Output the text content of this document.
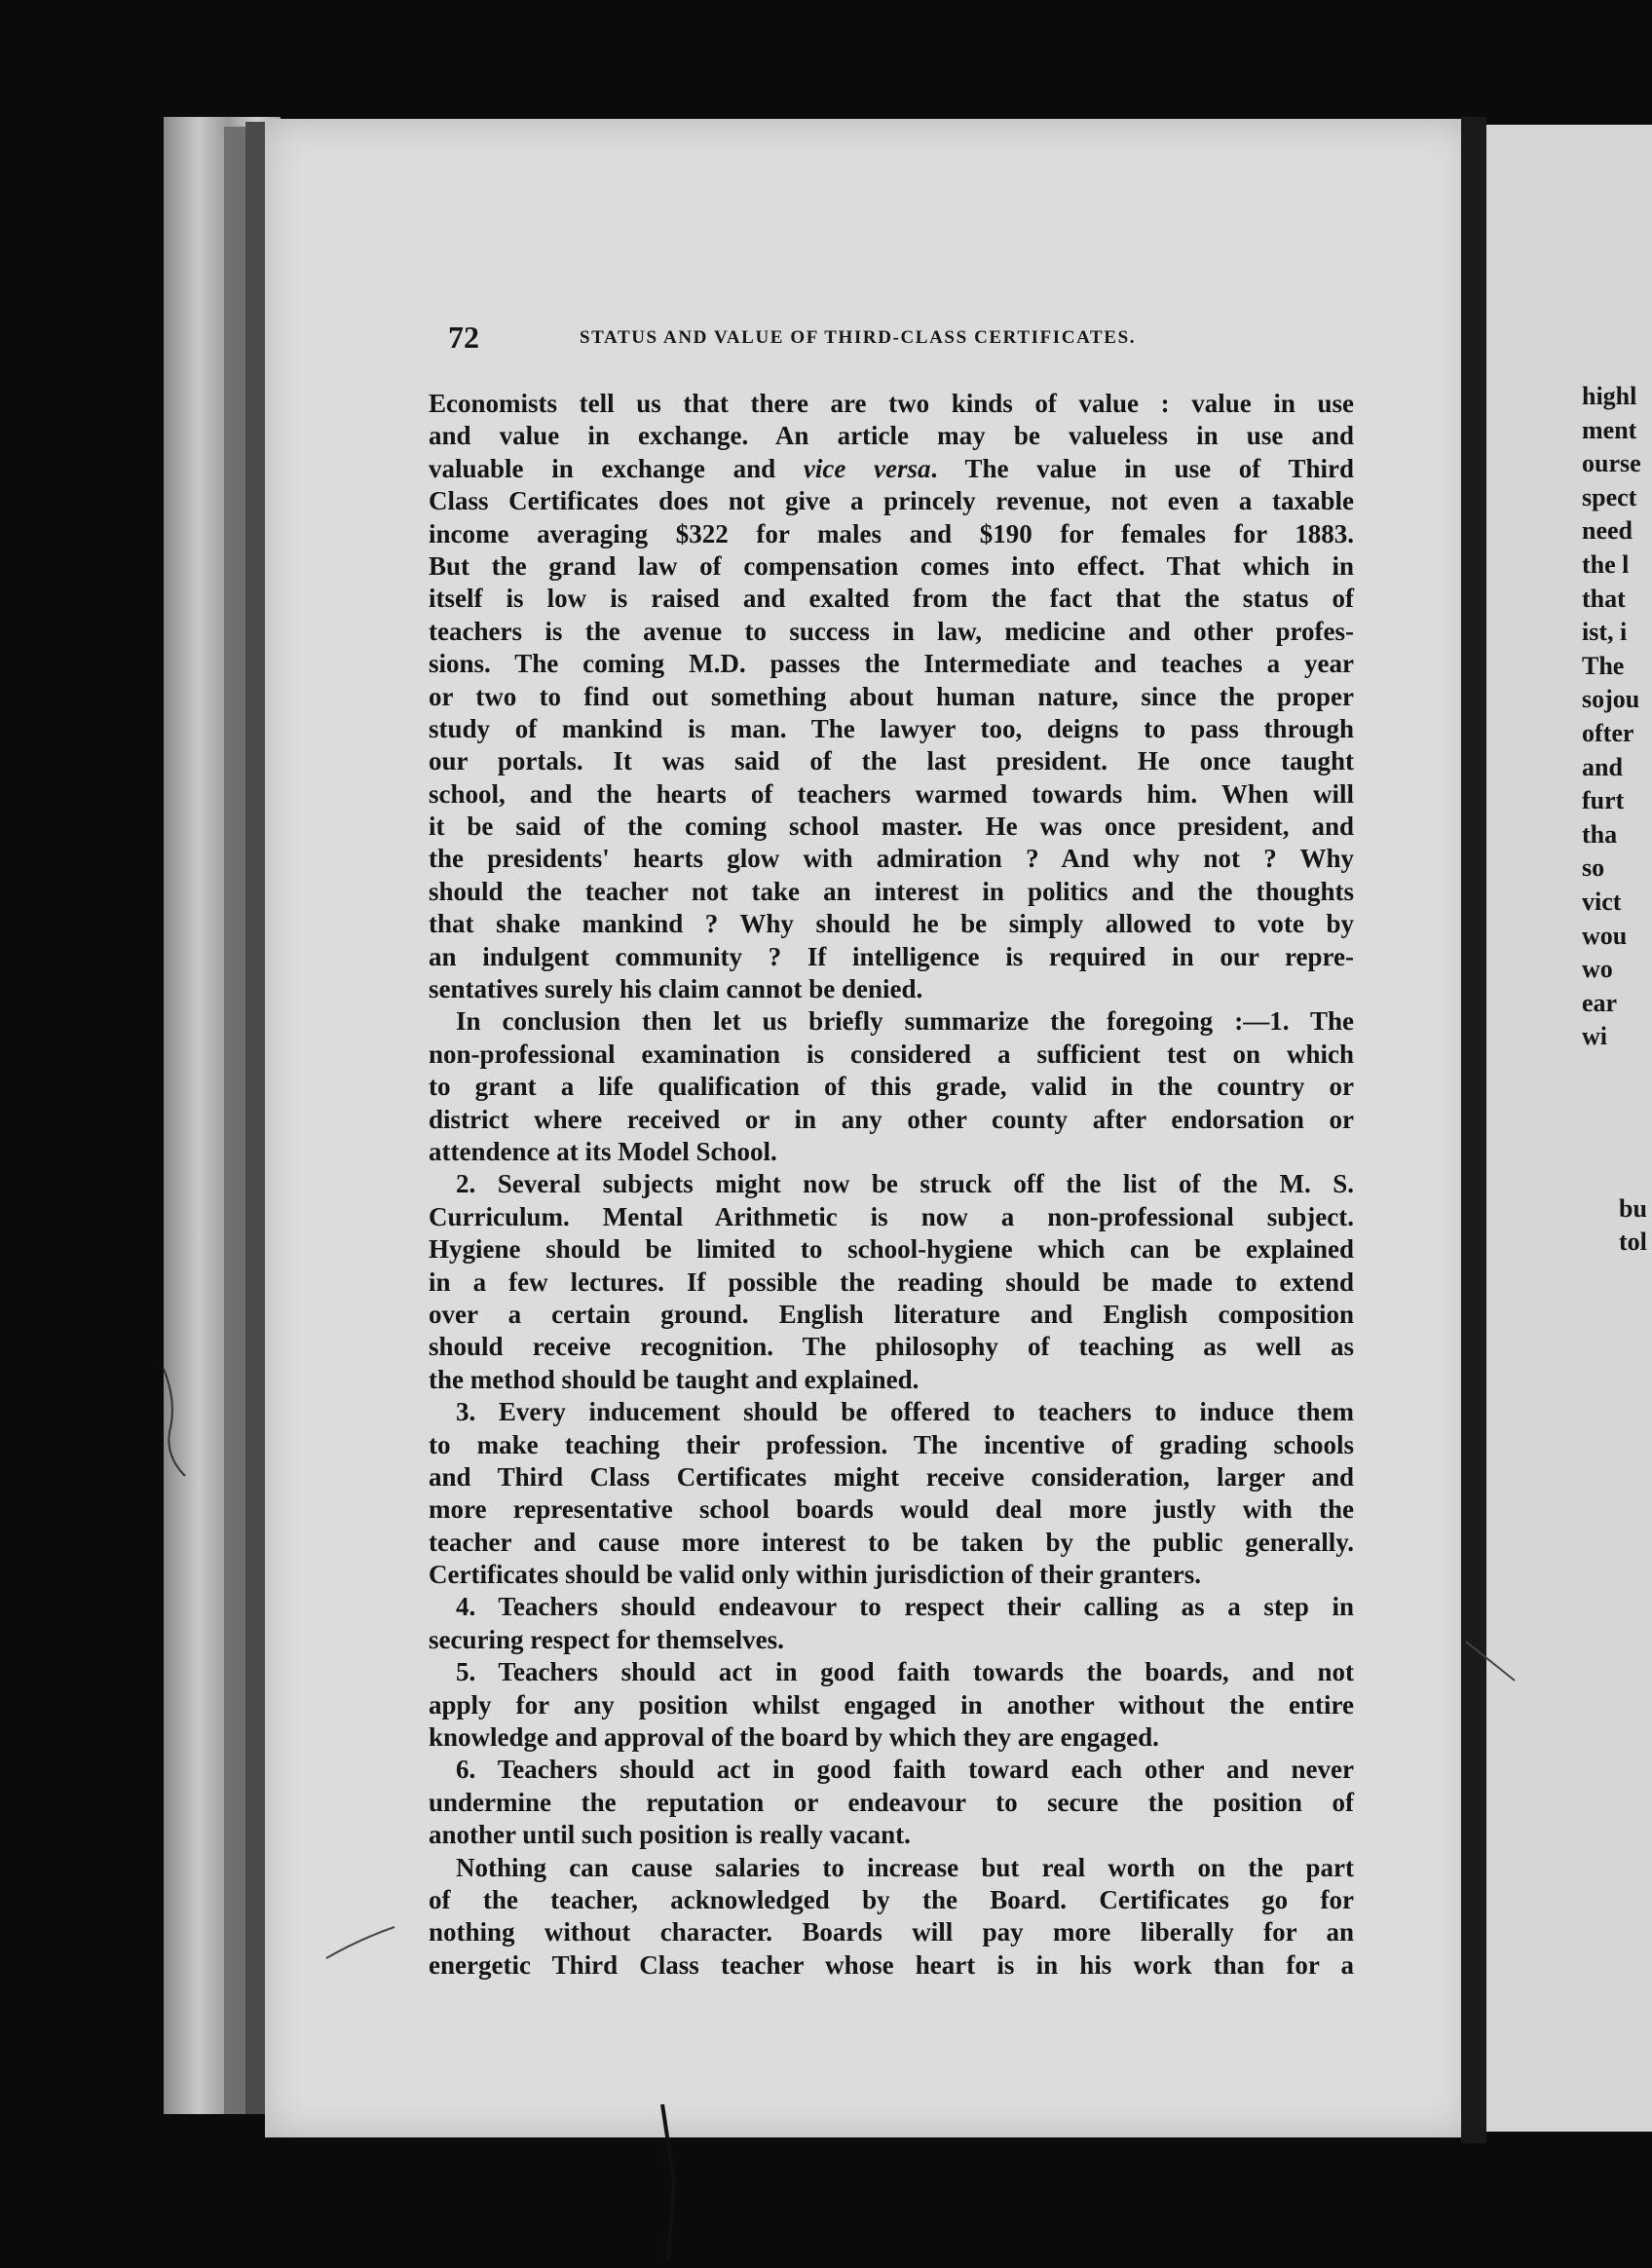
72	STATUS AND VALUE OF THIRD-CLASS CERTIFICATES.
Economists tell us that there are two kinds of value : value in use
and value in exchange. An article may be valueless in use and
valuable in exchange and vice versa. The value in use of Third
Class Certificates does not give a princely revenue, not even a taxable
income averaging $322 for males and $190 for females for 1883.
But the grand law of compensation comes into effect. That which in
itself is low is raised and exalted from the fact that the status of
teachers is the avenue to success in law, medicine and other profes-
sions. The coming M.D. passes the Intermediate and teaches a year
or two to find out something about human nature, since the proper
study of mankind is man. The lawyer too, deigns to pass through
our portals. It was said of the last president. He once taught
school, and the hearts of teachers warmed towards him. When will
it be said of the coming school master. He was once president, and
the presidents' hearts glow with admiration ? And why not ? Why
should the teacher not take an interest in politics and the thoughts
that shake mankind ? Why should he be simply allowed to vote by
an indulgent community ? If intelligence is required in our repre-
sentatives surely his claim cannot be denied.
In conclusion then let us briefly summarize the foregoing :—1. The
non-professional examination is considered a sufficient test on which
to grant a life qualification of this grade, valid in the country or
district where received or in any other county after endorsation or
attendence at its Model School.
2. Several subjects might now be struck off the list of the M. S.
Curriculum. Mental Arithmetic is now a non-professional subject.
Hygiene should be limited to school-hygiene which can be explained
in a few lectures. If possible the reading should be made to extend
over a certain ground. English literature and English composition
should receive recognition. The philosophy of teaching as well as
the method should be taught and explained.
3. Every inducement should be offered to teachers to induce them
to make teaching their profession. The incentive of grading schools
and Third Class Certificates might receive consideration, larger and
more representative school boards would deal more justly with the
teacher and cause more interest to be taken by the public generally.
Certificates should be valid only within jurisdiction of their granters.
4. Teachers should endeavour to respect their calling as a step in
securing respect for themselves.
5. Teachers should act in good faith towards the boards, and not
apply for any position whilst engaged in another without the entire
knowledge and approval of the board by which they are engaged.
6. Teachers should act in good faith toward each other and never
undermine the reputation or endeavour to secure the position of
another until such position is really vacant.
Nothing can cause salaries to increase but real worth on the part
of the teacher, acknowledged by the Board. Certificates go for
nothing without character. Boards will pay more liberally for an
energetic Third Class teacher whose heart is in his work than for a
highl
ment
ourse
spect
need
the l
that
ist, i
The
sojou
ofter
and
furt
tha
so
vict
wou
wo
ear
wi
bu
tol
